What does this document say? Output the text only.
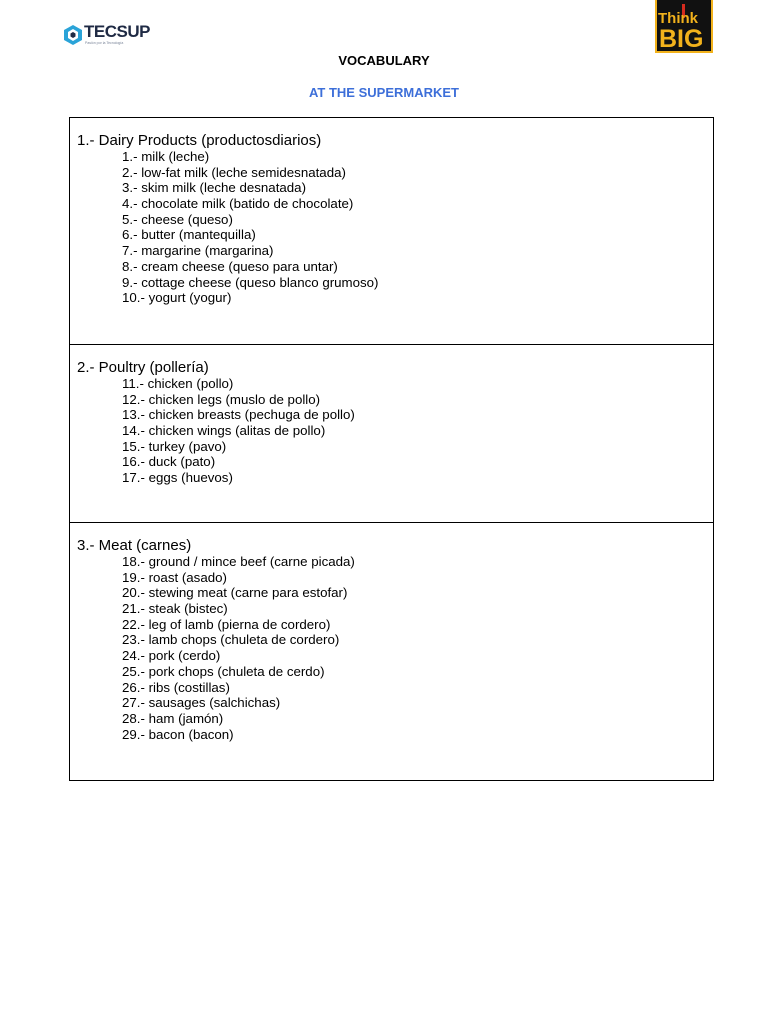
TECSUP
Pasión por la Tecnología
Think
BIG
VOCABULARY
AT THE SUPERMARKET
1.- Dairy Products (productosdiarios)
1.- milk (leche)
2.- low-fat milk (leche semidesnatada)
3.- skim milk (leche desnatada)
4.- chocolate milk (batido de chocolate)
5.- cheese (queso)
6.- butter (mantequilla)
7.- margarine (margarina)
8.- cream cheese (queso para untar)
9.- cottage cheese (queso blanco grumoso)
10.- yogurt (yogur)
2.- Poultry (pollería)
11.- chicken (pollo)
12.- chicken legs (muslo de pollo)
13.- chicken breasts (pechuga de pollo)
14.- chicken wings (alitas de pollo)
15.- turkey (pavo)
16.- duck (pato)
17.- eggs (huevos)
3.- Meat (carnes)
18.- ground / mince beef (carne picada)
19.- roast (asado)
20.- stewing meat (carne para estofar)
21.- steak (bistec)
22.- leg of lamb (pierna de cordero)
23.- lamb chops (chuleta de cordero)
24.- pork (cerdo)
25.- pork chops (chuleta de cerdo)
26.- ribs (costillas)
27.- sausages (salchichas)
28.- ham (jamón)
29.- bacon (bacon)
